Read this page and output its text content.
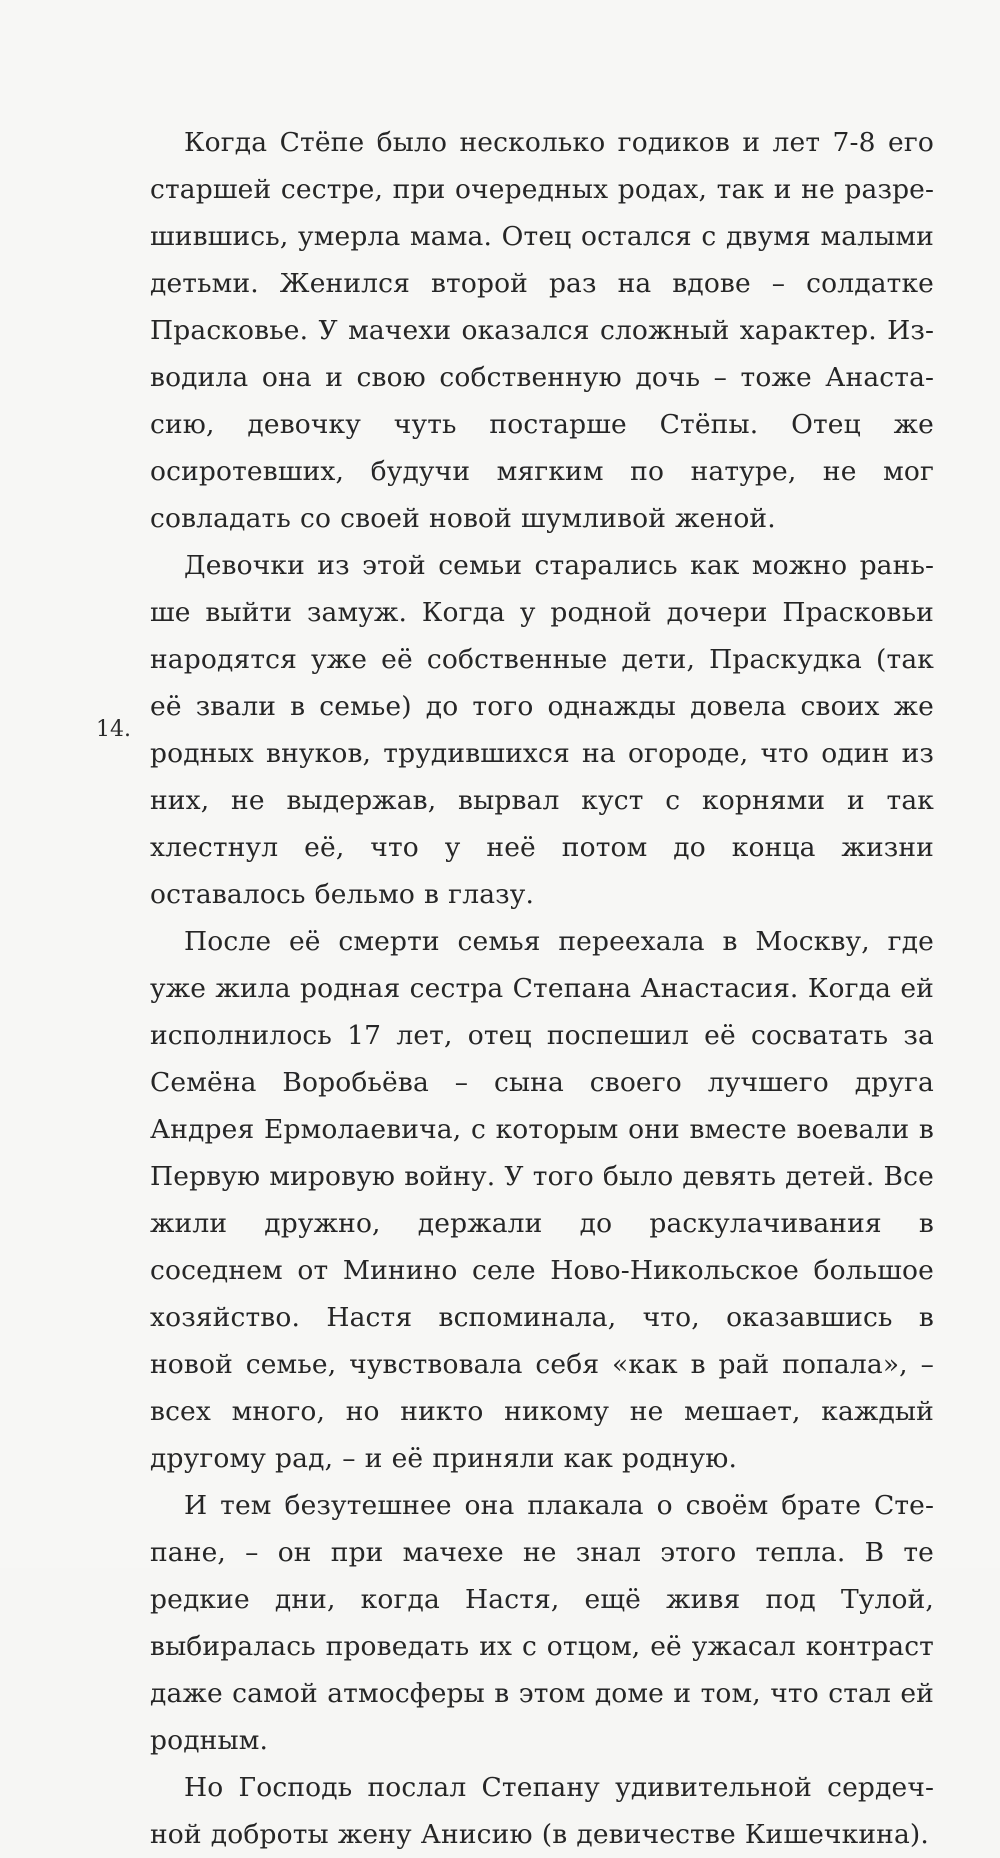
Когда Стёпе было несколько годиков и лет 7-8 его старшей сестре, при очередных родах, так и не разрешившись, умерла мама. Отец остался с двумя малыми детьми. Женился второй раз на вдове – солдатке Прасковье. У мачехи оказался сложный характер. Изводила она и свою собственную дочь – тоже Анастасию, девочку чуть постарше Стёпы. Отец же осиротевших, будучи мягким по натуре, не мог совладать со своей новой шумливой женой.

Девочки из этой семьи старались как можно раньше выйти замуж. Когда у родной дочери Прасковьи народятся уже её собственные дети, Праскудка (так её звали в семье) до того однажды довела своих же родных внуков, трудившихся на огороде, что один из них, не выдержав, вырвал куст с корнями и так хлестнул её, что у неё потом до конца жизни оставалось бельмо в глазу.

После её смерти семья переехала в Москву, где уже жила родная сестра Степана Анастасия. Когда ей исполнилось 17 лет, отец поспешил её сосватать за Семёна Воробьёва – сына своего лучшего друга Андрея Ермолаевича, с которым они вместе воевали в Первую мировую войну. У того было девять детей. Все жили дружно, держали до раскулачивания в соседнем от Минино селе Ново-Никольское большое хозяйство. Настя вспоминала, что, оказавшись в новой семье, чувствовала себя «как в рай попала», – всех много, но никто никому не мешает, каждый другому рад, – и её приняли как родную.

И тем безутешнее она плакала о своём брате Степане, – он при мачехе не знал этого тепла. В те редкие дни, когда Настя, ещё живя под Тулой, выбиралась проведать их с отцом, её ужасал контраст даже самой атмосферы в этом доме и том, что стал ей родным.

Но Господь послал Степану удивительной сердечной доброты жену Анисию (в девичестве Кишечкина).

14.
